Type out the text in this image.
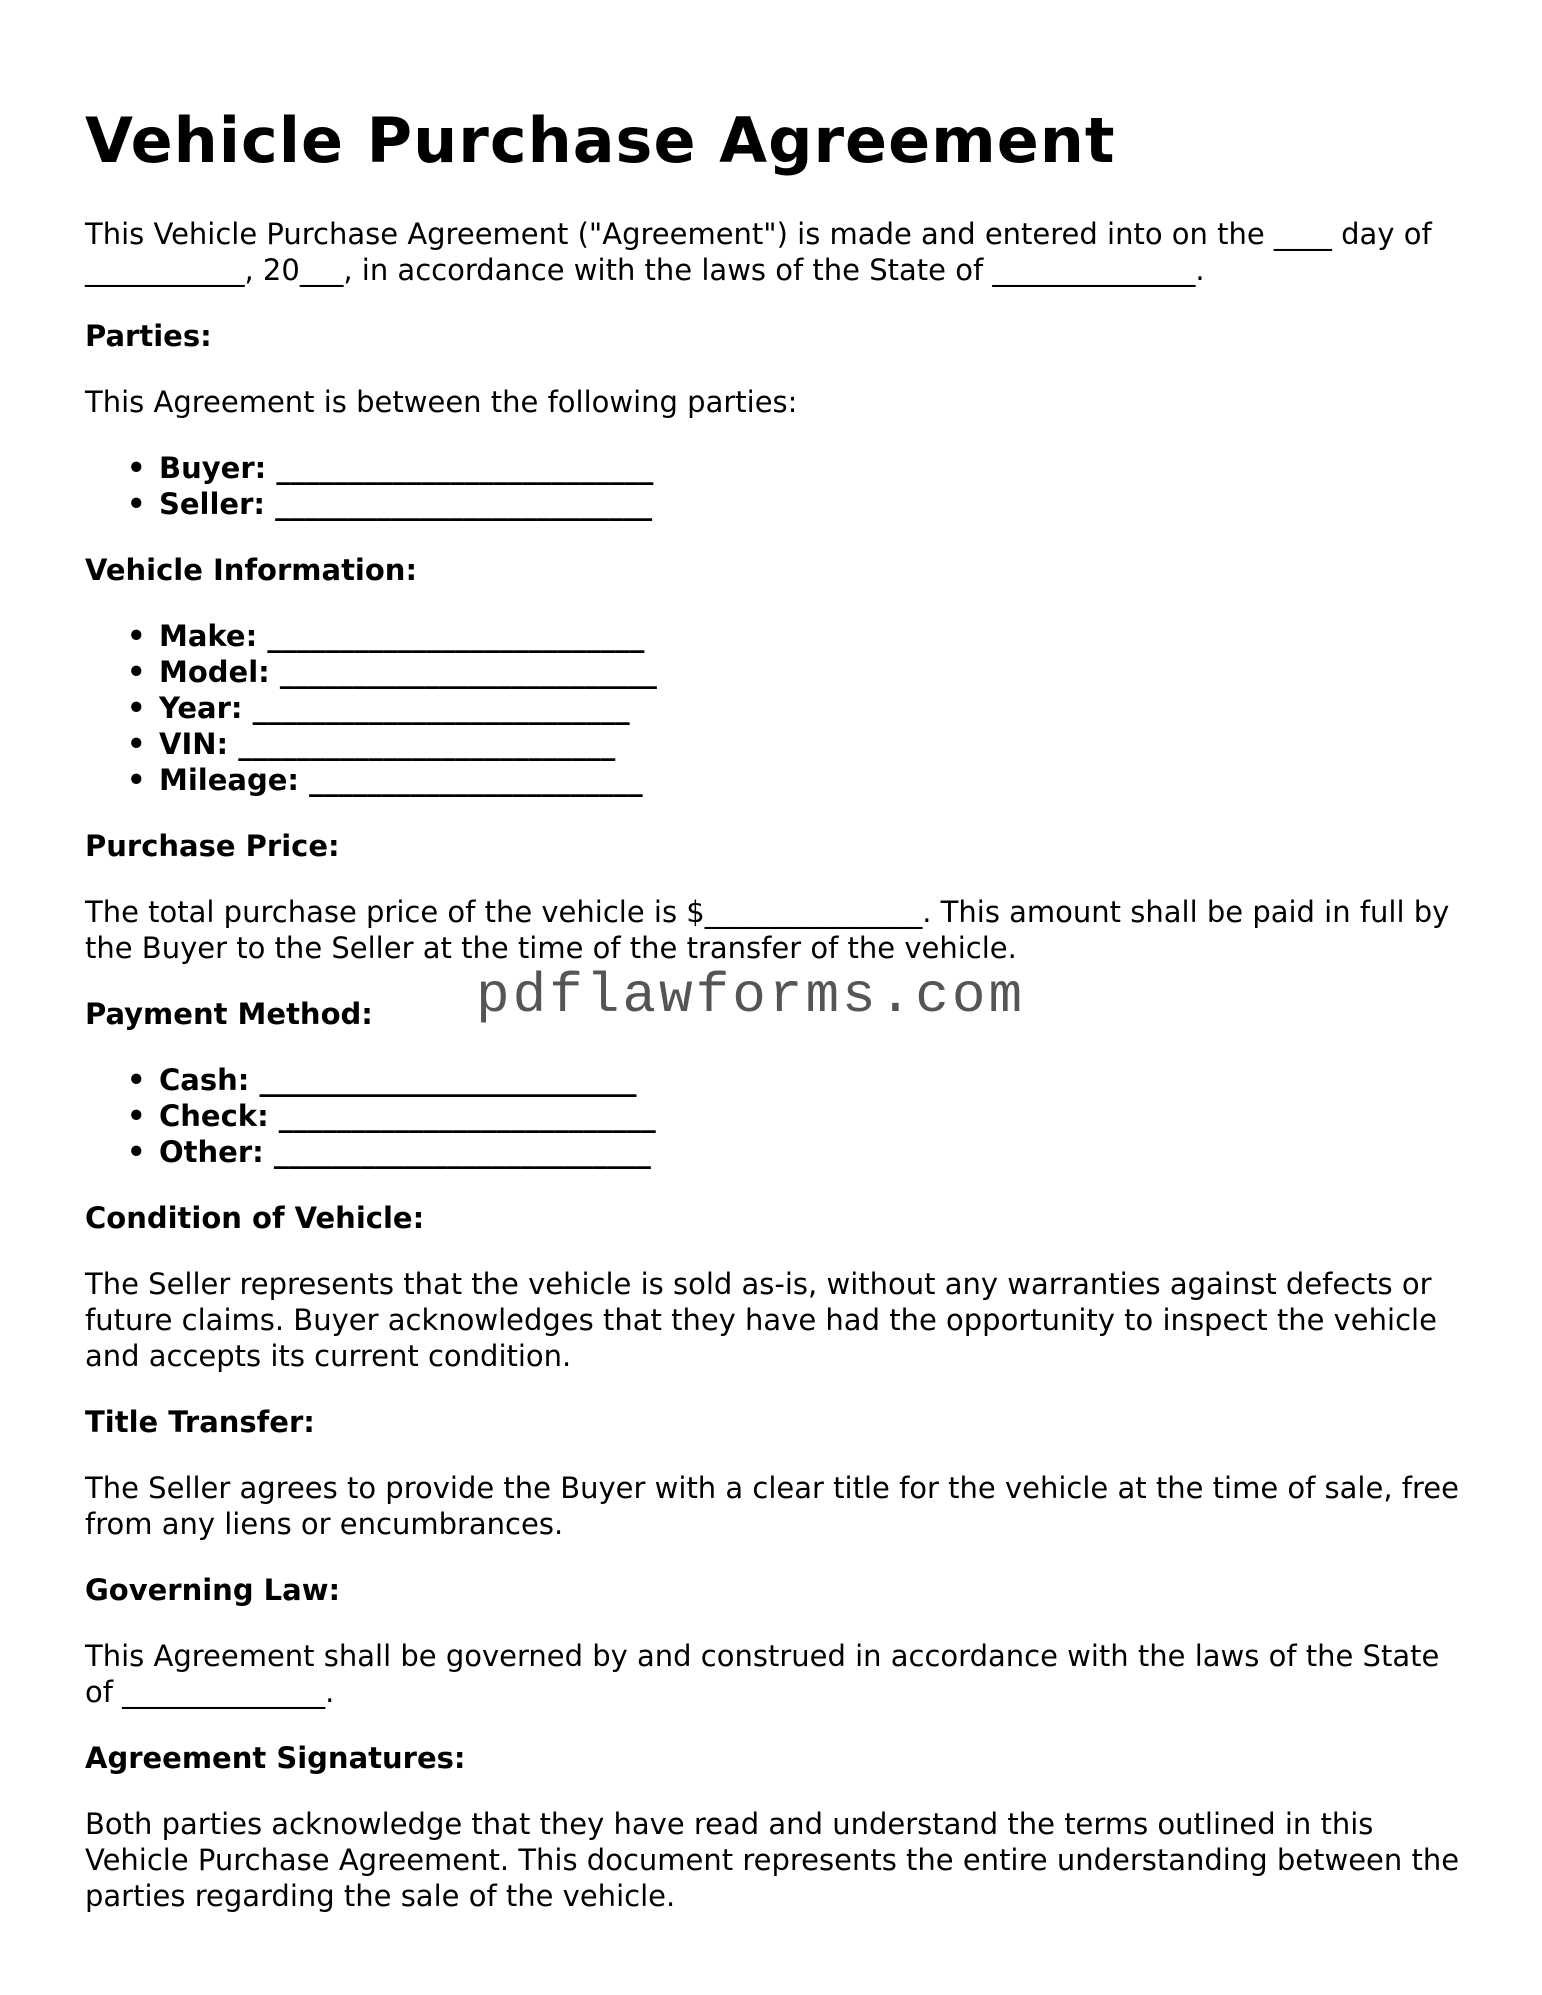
Vehicle Purchase Agreement

This Vehicle Purchase Agreement ("Agreement") is made and entered into on the ____ day of ___________, 20___, in accordance with the laws of the State of ______________.

Parties:

This Agreement is between the following parties:

• Buyer: __________________________
• Seller: __________________________
Vehicle Information:
• Make: __________________________
• Model: __________________________
• Year: __________________________
• VIN: __________________________
• Mileage: _______________________
Purchase Price:

The total purchase price of the vehicle is $_______________. This amount shall be paid in full by the Buyer to the Seller at the time of the transfer of the vehicle.

Payment Method:
• Cash: __________________________
• Check: __________________________
• Other: __________________________
Condition of Vehicle:

The Seller represents that the vehicle is sold as-is, without any warranties against defects or future claims. Buyer acknowledges that they have had the opportunity to inspect the vehicle and accepts its current condition.

Title Transfer:

The Seller agrees to provide the Buyer with a clear title for the vehicle at the time of sale, free from any liens or encumbrances.

Governing Law:

This Agreement shall be governed by and construed in accordance with the laws of the State of ______________.

Agreement Signatures:

Both parties acknowledge that they have read and understand the terms outlined in this Vehicle Purchase Agreement. This document represents the entire understanding between the parties regarding the sale of the vehicle.

pdflawforms.com
